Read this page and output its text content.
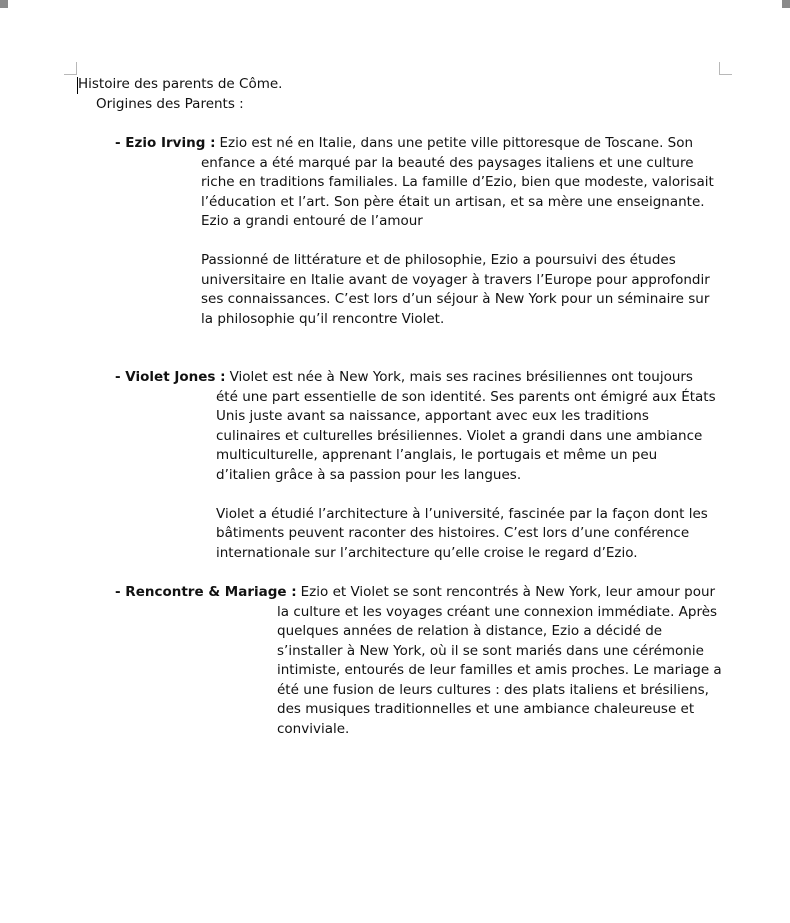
Histoire des parents de Côme.
Origines des Parents :
- Ezio Irving : Ezio est né en Italie, dans une petite ville pittoresque de Toscane. Son enfance a été marqué par la beauté des paysages italiens et une culture riche en traditions familiales. La famille d’Ezio, bien que modeste, valorisait l’éducation et l’art. Son père était un artisan, et sa mère une enseignante. Ezio a grandi entouré de l’amour

Passionné de littérature et de philosophie, Ezio a poursuivi des études universitaire en Italie avant de voyager à travers l’Europe pour approfondir ses connaissances. C’est lors d’un séjour à New York pour un séminaire sur la philosophie qu’il rencontre Violet.

- Violet Jones : Violet est née à New York, mais ses racines brésiliennes ont toujours été une part essentielle de son identité. Ses parents ont émigré aux États Unis juste avant sa naissance, apportant avec eux les traditions culinaires et culturelles brésiliennes. Violet a grandi dans une ambiance multiculturelle, apprenant l’anglais, le portugais et même un peu d’italien grâce à sa passion pour les langues.

Violet a étudié l’architecture à l’université, fascinée par la façon dont les bâtiments peuvent raconter des histoires. C’est lors d’une conférence internationale sur l’architecture qu’elle croise le regard d’Ezio.

- Rencontre & Mariage : Ezio et Violet se sont rencontrés à New York, leur amour pour la culture et les voyages créant une connexion immédiate. Après quelques années de relation à distance, Ezio a décidé de s’installer à New York, où il se sont mariés dans une cérémonie intimiste, entourés de leur familles et amis proches. Le mariage a été une fusion de leurs cultures : des plats italiens et brésiliens, des musiques traditionnelles et une ambiance chaleureuse et conviviale.
